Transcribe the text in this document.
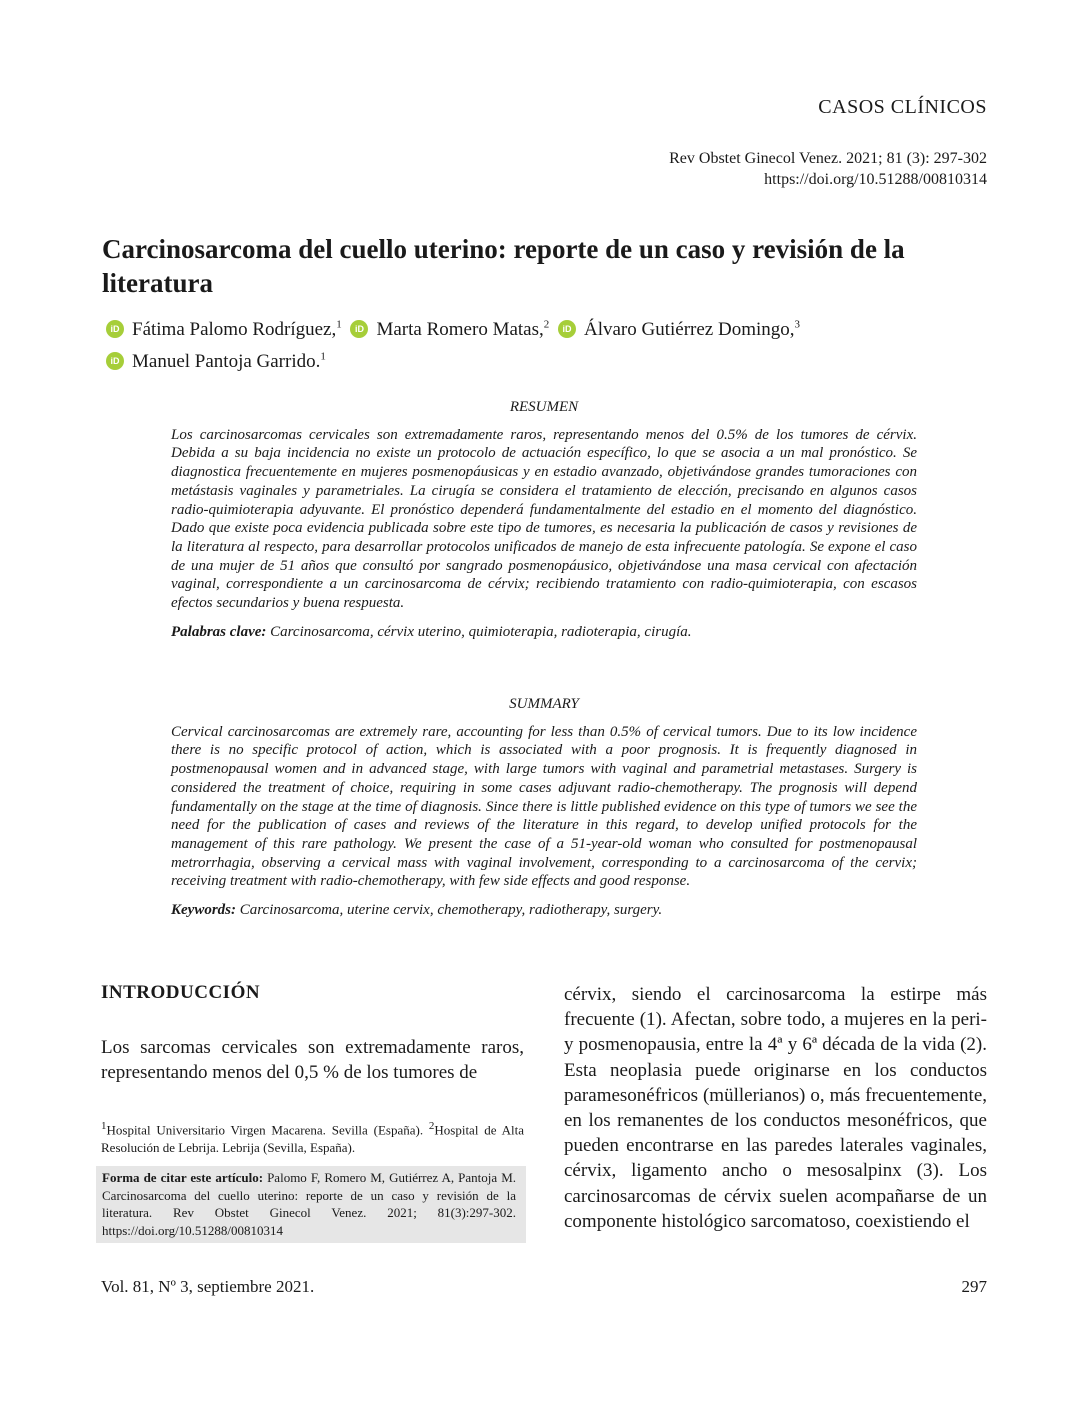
CASOS CLÍNICOS
Rev Obstet Ginecol Venez. 2021; 81 (3): 297-302
https://doi.org/10.51288/00810314
Carcinosarcoma del cuello uterino: reporte de un caso y revisión de la literatura
iD Fátima Palomo Rodríguez,$^1$ iD Marta Romero Matas,$^2$ iD Álvaro Gutiérrez Domingo,$^3$
iD Manuel Pantoja Garrido.$^1$
RESUMEN

Los carcinosarcomas cervicales son extremadamente raros, representando menos del 0.5% de los tumores de cérvix. Debida a su baja incidencia no existe un protocolo de actuación específico, lo que se asocia a un mal pronóstico. Se diagnostica frecuentemente en mujeres posmenopáusicas y en estadio avanzado, objetivándose grandes tumoraciones con metástasis vaginales y parametriales. La cirugía se considera el tratamiento de elección, precisando en algunos casos radio-quimioterapia adyuvante. El pronóstico dependerá fundamentalmente del estadio en el momento del diagnóstico. Dado que existe poca evidencia publicada sobre este tipo de tumores, es necesaria la publicación de casos y revisiones de la literatura al respecto, para desarrollar protocolos unificados de manejo de esta infrecuente patología. Se expone el caso de una mujer de 51 años que consultó por sangrado posmenopáusico, objetivándose una masa cervical con afectación vaginal, correspondiente a un carcinosarcoma de cérvix; recibiendo tratamiento con radio-quimioterapia, con escasos efectos secundarios y buena respuesta.

Palabras clave: Carcinosarcoma, cérvix uterino, quimioterapia, radioterapia, cirugía.
SUMMARY

Cervical carcinosarcomas are extremely rare, accounting for less than 0.5% of cervical tumors. Due to its low incidence there is no specific protocol of action, which is associated with a poor prognosis. It is frequently diagnosed in postmenopausal women and in advanced stage, with large tumors with vaginal and parametrial metastases. Surgery is considered the treatment of choice, requiring in some cases adjuvant radio-chemotherapy. The prognosis will depend fundamentally on the stage at the time of diagnosis. Since there is little published evidence on this type of tumors we see the need for the publication of cases and reviews of the literature in this regard, to develop unified protocols for the management of this rare pathology. We present the case of a 51-year-old woman who consulted for postmenopausal metrorrhagia, observing a cervical mass with vaginal involvement, corresponding to a carcinosarcoma of the cervix; receiving treatment with radio-chemotherapy, with few side effects and good response.

Keywords: Carcinosarcoma, uterine cervix, chemotherapy, radiotherapy, surgery.
INTRODUCCIÓN

Los sarcomas cervicales son extremadamente raros, representando menos del 0,5 % de los tumores de

$^1$Hospital Universitario Virgen Macarena. Sevilla (España). $^2$Hospital de Alta Resolución de Lebrija. Lebrija (Sevilla, España).
Forma de citar este artículo: Palomo F, Romero M, Gutiérrez A, Pantoja M. Carcinosarcoma del cuello uterino: reporte de un caso y revisión de la literatura. Rev Obstet Ginecol Venez. 2021; 81(3):297-302. https://doi.org/10.51288/00810314

cérvix, siendo el carcinosarcoma la estirpe más frecuente (1). Afectan, sobre todo, a mujeres en la peri- y posmenopausia, entre la 4ª y 6ª década de la vida (2). Esta neoplasia puede originarse en los conductos paramesonéfricos (müllerianos) o, más frecuentemente, en los remanentes de los conductos mesonéfricos, que pueden encontrarse en las paredes laterales vaginales, cérvix, ligamento ancho o mesosalpinx (3). Los carcinosarcomas de cérvix suelen acompañarse de un componente histológico sarcomatoso, coexistiendo el

Vol. 81, Nº 3, septiembre 2021.	297
